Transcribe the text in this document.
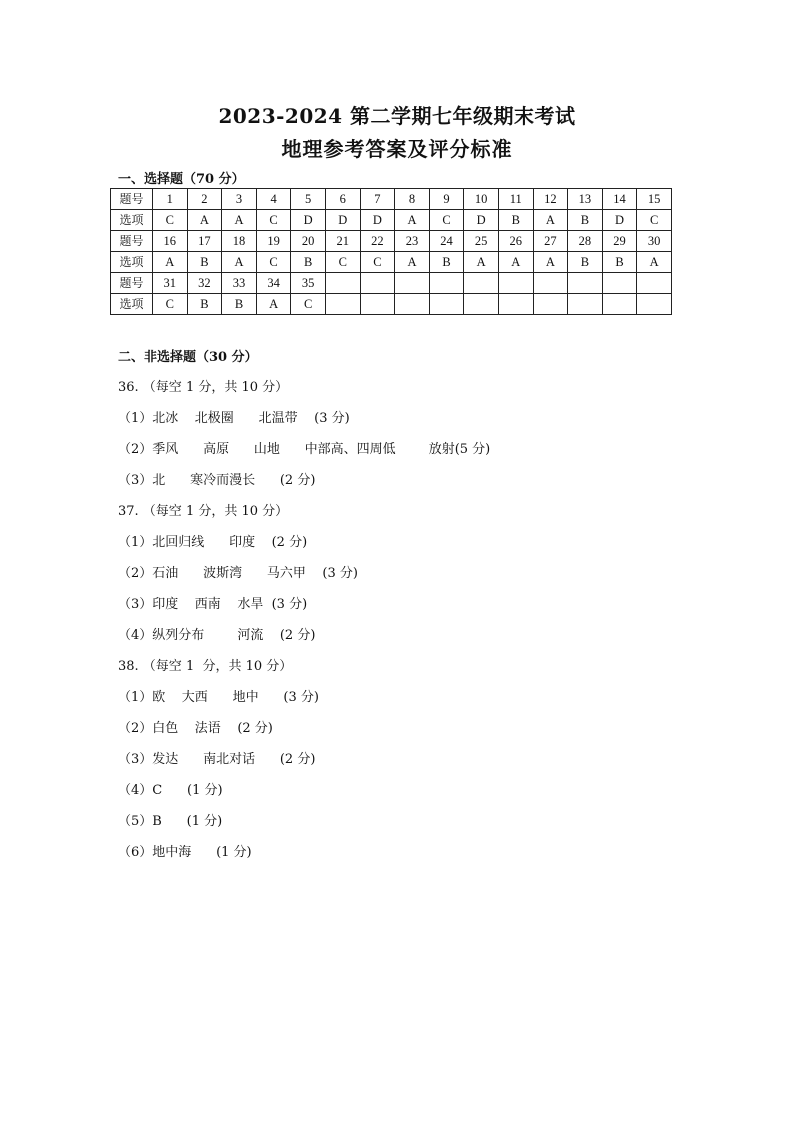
2023-2024 第二学期七年级期末考试
地理参考答案及评分标准
一、选择题（70 分）
题号	1	2	3	4	5	6	7	8	9	10	11	12	13	14	15
选项	C	A	A	C	D	D	D	A	C	D	B	A	B	D	C
题号	16	17	18	19	20	21	22	23	24	25	26	27	28	29	30
选项	A	B	A	C	B	C	C	A	B	A	A	A	B	B	A
题号	31	32	33	34	35										
选项	C	B	B	A	C										
二、非选择题（30 分）
36. （每空 1 分，共 10 分）
（1）北冰    北极圈      北温带    (3 分)
（2）季风      高原      山地      中部高、四周低        放射(5 分)
（3）北      寒冷而漫长      (2 分)
37. （每空 1 分，共 10 分）
（1）北回归线      印度    (2 分)
（2）石油      波斯湾      马六甲    (3 分)
（3）印度    西南    水旱  (3 分)
（4）纵列分布        河流    (2 分)
38. （每空 1  分，共 10 分）
（1）欧    大西      地中      (3 分)
（2）白色    法语    (2 分)
（3）发达      南北对话      (2 分)
（4）C      (1 分)
（5）B      (1 分)
（6）地中海      (1 分)
